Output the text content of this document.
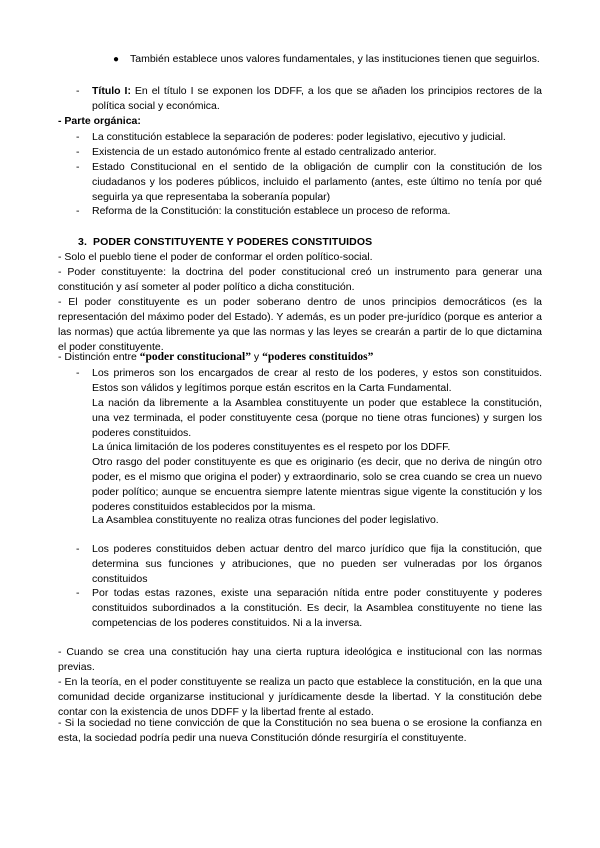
● También establece unos valores fundamentales, y las instituciones tienen que seguirlos.

- Título I: En el título I se exponen los DDFF, a los que se añaden los principios rectores de la política social y económica.

- Parte orgánica:

- La constitución establece la separación de poderes: poder legislativo, ejecutivo y judicial.

- Existencia de un estado autonómico frente al estado centralizado anterior.

- Estado Constitucional en el sentido de la obligación de cumplir con la constitución de los ciudadanos y los poderes públicos, incluido el parlamento (antes, este último no tenía por qué seguirla ya que representaba la soberanía popular)

- Reforma de la Constitución: la constitución establece un proceso de reforma.

3. PODER CONSTITUYENTE Y PODERES CONSTITUIDOS

- Solo el pueblo tiene el poder de conformar el orden político-social.

- Poder constituyente: la doctrina del poder constitucional creó un instrumento para generar una constitución y así someter al poder político a dicha constitución.

- El poder constituyente es un poder soberano dentro de unos principios democráticos (es la representación del máximo poder del Estado). Y además, es un poder pre-jurídico (porque es anterior a las normas) que actúa libremente ya que las normas y las leyes se crearán a partir de lo que dictamina el poder constituyente.

- Distinción entre “poder constitucional” y “poderes constituidos”

- Los primeros son los encargados de crear al resto de los poderes, y estos son constituidos. Estos son válidos y legítimos porque están escritos en la Carta Fundamental.

La nación da libremente a la Asamblea constituyente un poder que establece la constitución, una vez terminada, el poder constituyente cesa (porque no tiene otras funciones) y surgen los poderes constituidos.

La única limitación de los poderes constituyentes es el respeto por los DDFF.

Otro rasgo del poder constituyente es que es originario (es decir, que no deriva de ningún otro poder, es el mismo que origina el poder) y extraordinario, solo se crea cuando se crea un nuevo poder político; aunque se encuentra siempre latente mientras sigue vigente la constitución y los poderes constituidos establecidos por la misma.

La Asamblea constituyente no realiza otras funciones del poder legislativo.

- Los poderes constituidos deben actuar dentro del marco jurídico que fija la constitución, que determina sus funciones y atribuciones, que no pueden ser vulneradas por los órganos constituidos

- Por todas estas razones, existe una separación nítida entre poder constituyente y poderes constituidos subordinados a la constitución. Es decir, la Asamblea constituyente no tiene las competencias de los poderes constituidos. Ni a la inversa.

- Cuando se crea una constitución hay una cierta ruptura ideológica e institucional con las normas previas.

- En la teoría, en el poder constituyente se realiza un pacto que establece la constitución, en la que una comunidad decide organizarse institucional y jurídicamente desde la libertad. Y la constitución debe contar con la existencia de unos DDFF y la libertad frente al estado.

- Si la sociedad no tiene convicción de que la Constitución no sea buena o se erosione la confianza en esta, la sociedad podría pedir una nueva Constitución dónde resurgiría el constituyente.
